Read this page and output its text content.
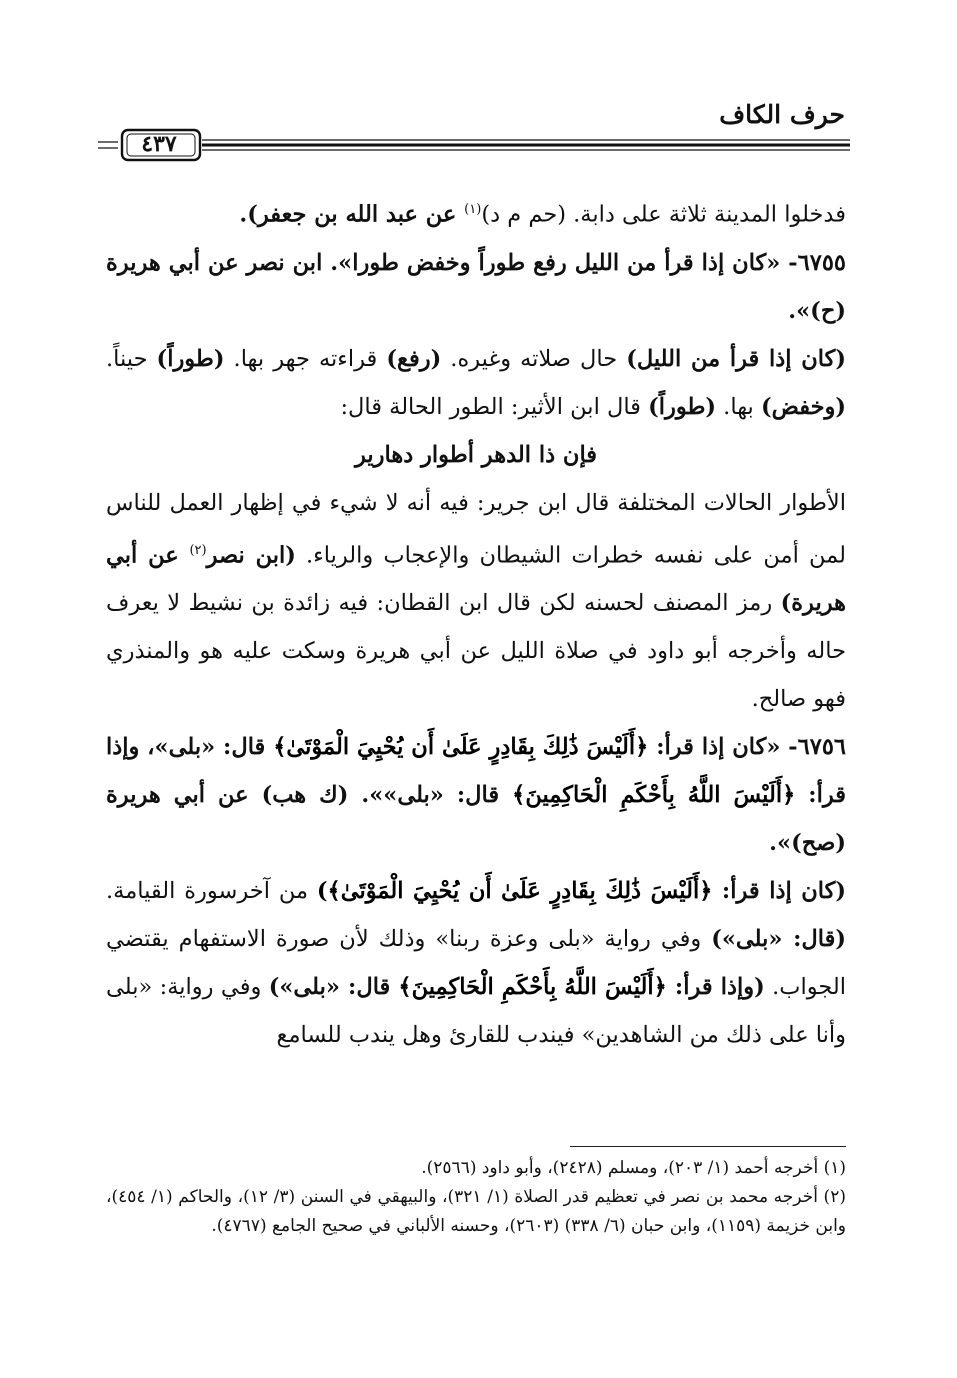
حرف الكاف
٤٣٧

فدخلوا المدينة ثلاثة على دابة. (حم م د)$^{(١)}$ عن عبد الله بن جعفر).

٦٧٥٥- «كان إذا قرأ من الليل رفع طوراً وخفض طورا». ابن نصر عن أبي هريرة (ح)».

(كان إذا قرأ من الليل) حال صلاته وغيره. (رفع) قراءته جهر بها. (طوراً) حيناً. (وخفض) بها. (طوراً) قال ابن الأثير: الطور الحالة قال:

فإن ذا الدهر أطوار دهارير

الأطوار الحالات المختلفة قال ابن جرير: فيه أنه لا شيء في إظهار العمل للناس لمن أمن على نفسه خطرات الشيطان والإعجاب والرياء. (ابن نصر$^{(٢)}$ عن أبي هريرة) رمز المصنف لحسنه لكن قال ابن القطان: فيه زائدة بن نشيط لا يعرف حاله وأخرجه أبو داود في صلاة الليل عن أبي هريرة وسكت عليه هو والمنذري فهو صالح.

٦٧٥٦- «كان إذا قرأ: ﴿أَلَيْسَ ذَٰلِكَ بِقَادِرٍ عَلَىٰ أَن يُحْيِيَ الْمَوْتَىٰ﴾ قال: «بلى»، وإذا قرأ: ﴿أَلَيْسَ اللَّهُ بِأَحْكَمِ الْحَاكِمِينَ﴾ قال: «بلى»». (ك هب) عن أبي هريرة (صح)».

(كان إذا قرأ: ﴿أَلَيْسَ ذَٰلِكَ بِقَادِرٍ عَلَىٰ أَن يُحْيِيَ الْمَوْتَىٰ﴾) من آخرسورة القيامة. (قال: «بلى») وفي رواية «بلى وعزة ربنا» وذلك لأن صورة الاستفهام يقتضي الجواب. (وإذا قرأ: ﴿أَلَيْسَ اللَّهُ بِأَحْكَمِ الْحَاكِمِينَ﴾ قال: «بلى») وفي رواية: «بلى وأنا على ذلك من الشاهدين» فيندب للقارئ وهل يندب للسامع

(١) أخرجه أحمد (١/ ٢٠٣)، ومسلم (٢٤٢٨)، وأبو داود (٢٥٦٦).

(٢) أخرجه محمد بن نصر في تعظيم قدر الصلاة (١/ ٣٢١)، والبيهقي في السنن (٣/ ١٢)، والحاكم (١/ ٤٥٤)، وابن خزيمة (١١٥٩)، وابن حبان (٦/ ٣٣٨) (٢٦٠٣)، وحسنه الألباني في صحيح الجامع (٤٧٦٧).
